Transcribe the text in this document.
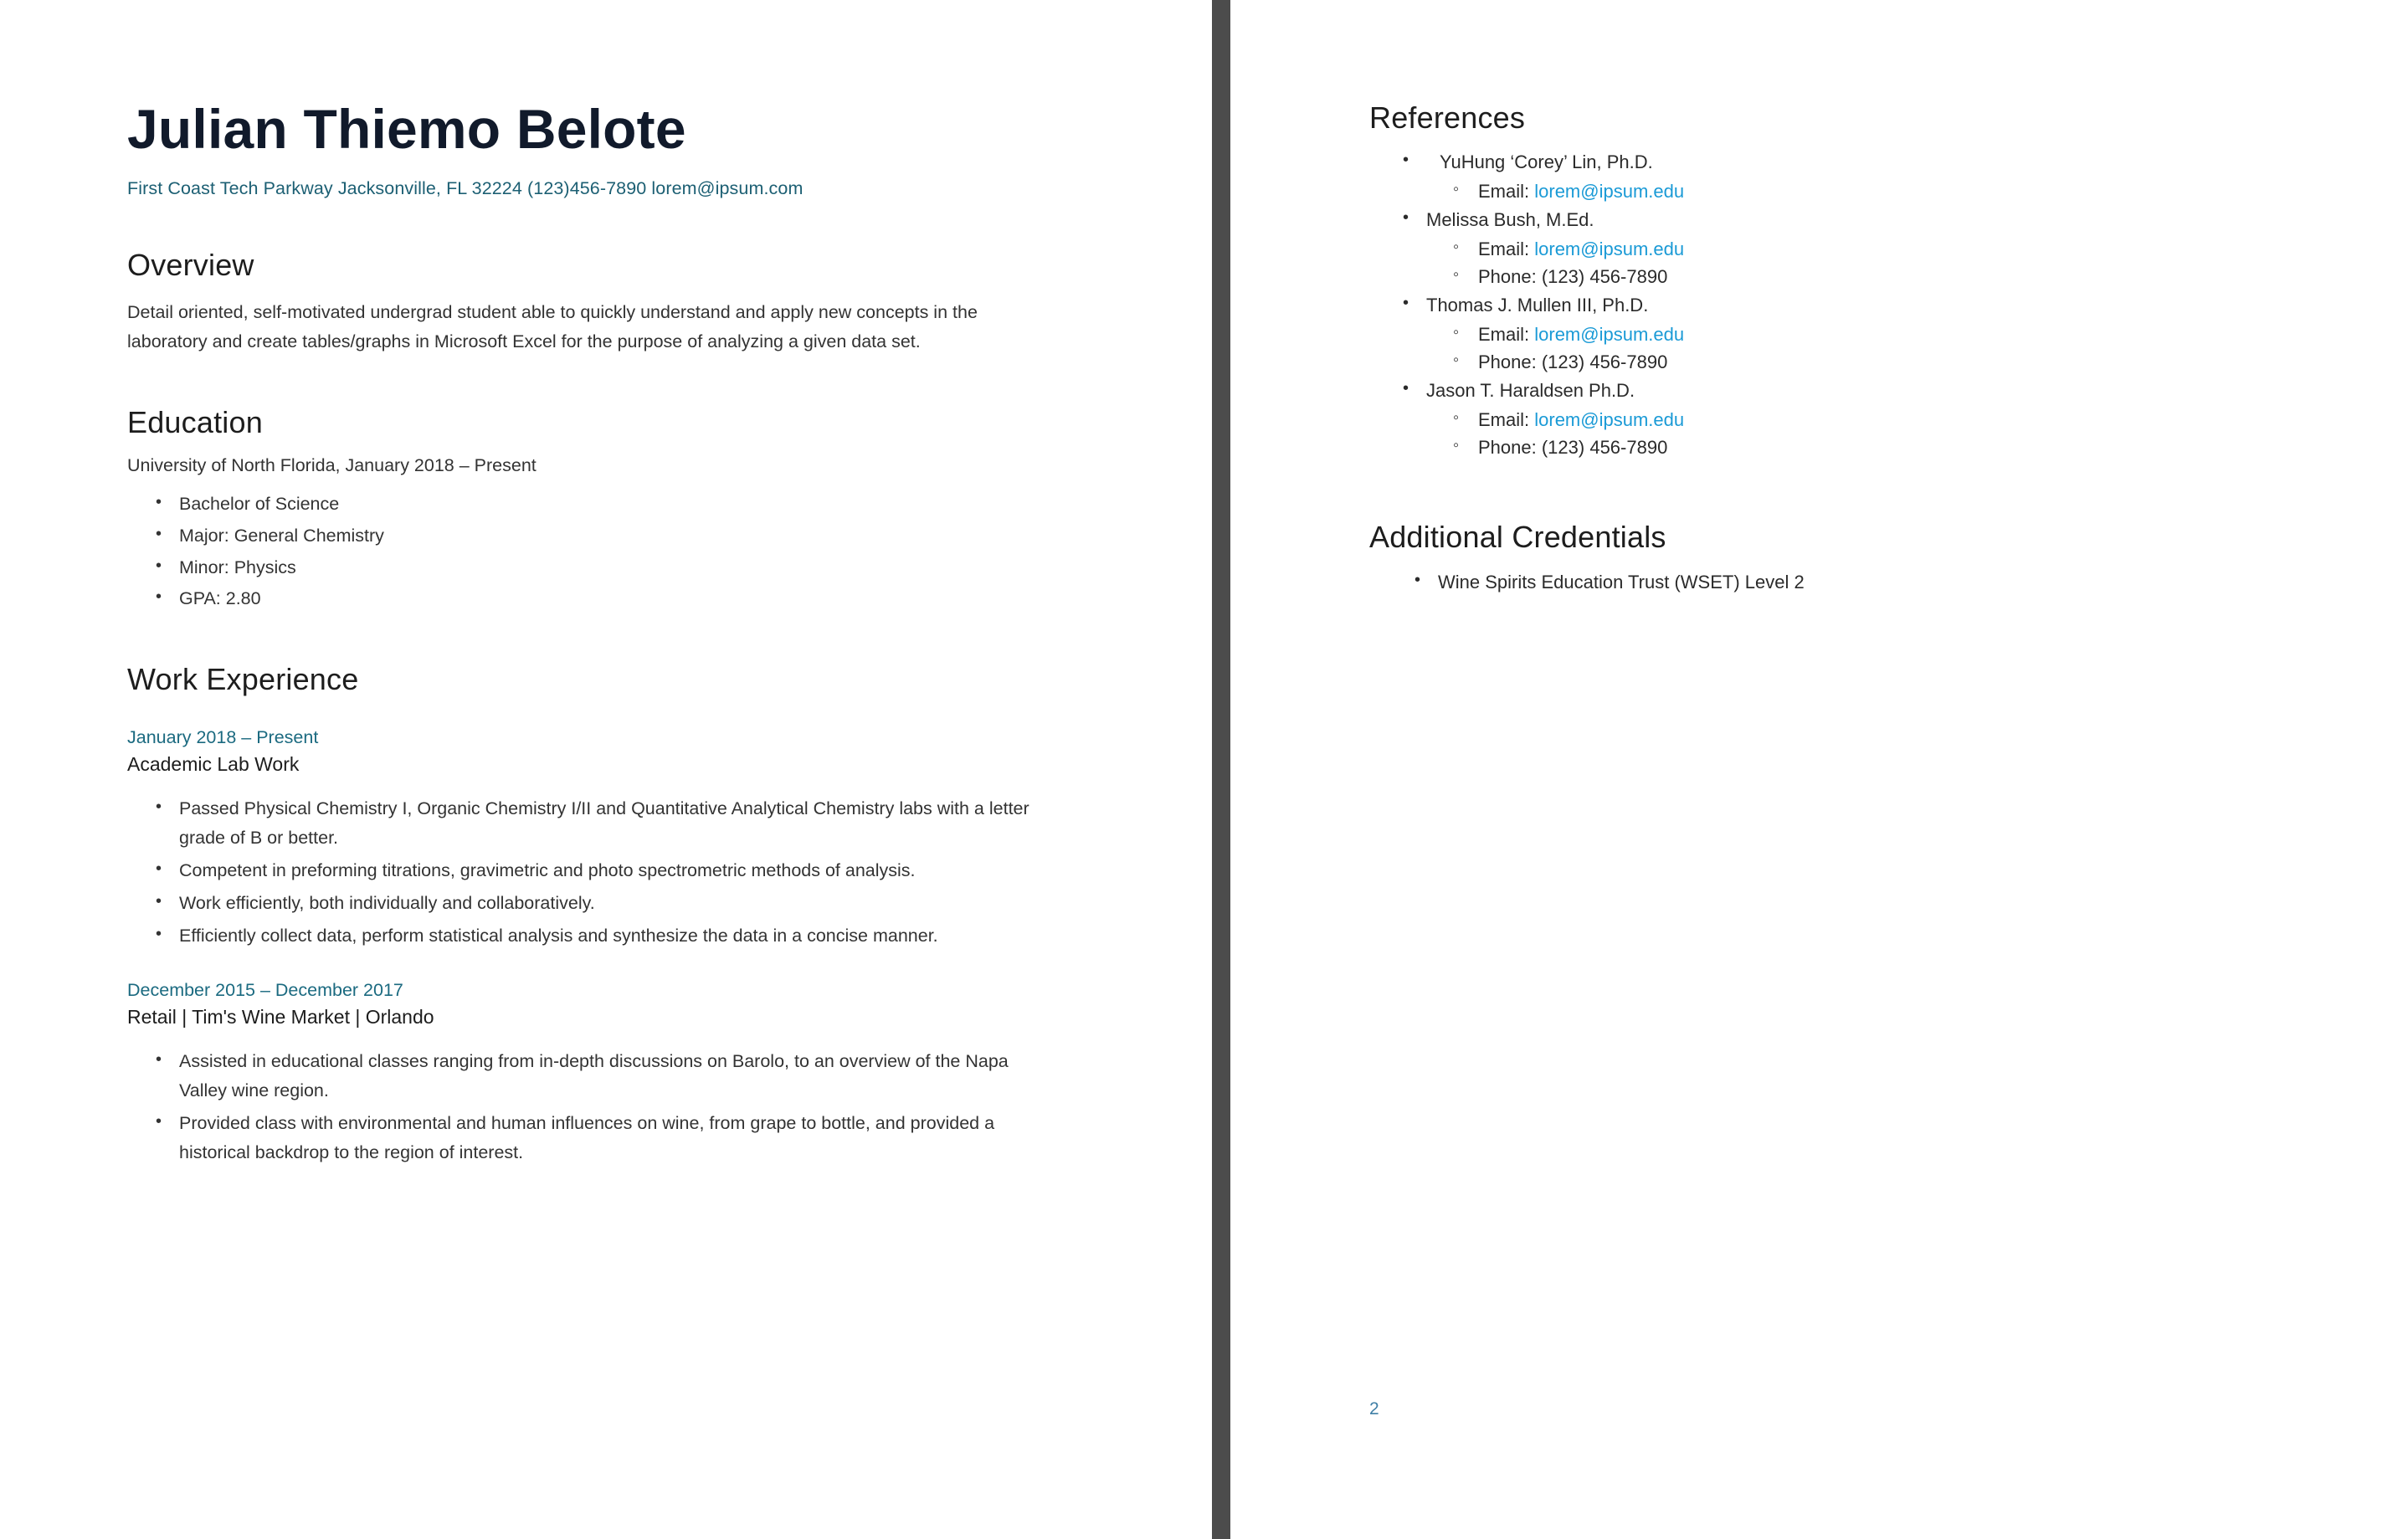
Julian Thiemo Belote
First Coast Tech Parkway Jacksonville, FL 32224 (123)456-7890 lorem@ipsum.com
Overview

Detail oriented, self-motivated undergrad student able to quickly understand and apply new concepts in the laboratory and create tables/graphs in Microsoft Excel for the purpose of analyzing a given data set.

Education

University of North Florida, January 2018 – Present

• Bachelor of Science
• Major: General Chemistry
• Minor: Physics
• GPA: 2.80
Work Experience
January 2018 – Present
Academic Lab Work
• Passed Physical Chemistry I, Organic Chemistry I/II and Quantitative Analytical Chemistry labs with a letter grade of B or better.
• Competent in preforming titrations, gravimetric and photo spectrometric methods of analysis.
• Work efficiently, both individually and collaboratively.
• Efficiently collect data, perform statistical analysis and synthesize the data in a concise manner.
December 2015 – December 2017
Retail | Tim's Wine Market | Orlando
• Assisted in educational classes ranging from in-depth discussions on Barolo, to an overview of the Napa Valley wine region.
• Provided class with environmental and human influences on wine, from grape to bottle, and provided a historical backdrop to the region of interest.
References
• YuHung ‘Corey’ Lin, Ph.D.
◦ Email: lorem@ipsum.edu
• Melissa Bush, M.Ed.
◦ Email: lorem@ipsum.edu
◦ Phone: (123) 456-7890
• Thomas J. Mullen III, Ph.D.
◦ Email: lorem@ipsum.edu
◦ Phone: (123) 456-7890
• Jason T. Haraldsen Ph.D.
◦ Email: lorem@ipsum.edu
◦ Phone: (123) 456-7890
Additional Credentials
• Wine Spirits Education Trust (WSET) Level 2
2
